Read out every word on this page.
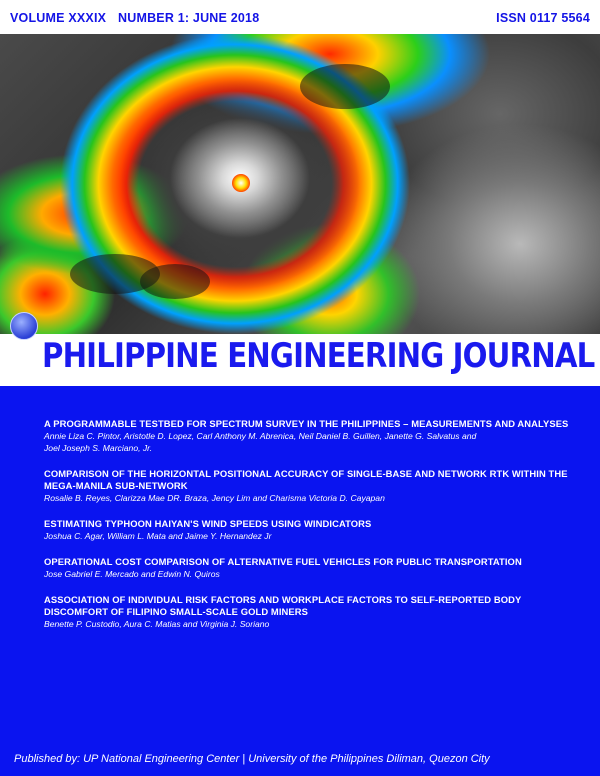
VOLUME XXXIX NUMBER 1: JUNE 2018	ISSN 0117 5564
PHILIPPINE ENGINEERING JOURNAL
A PROGRAMMABLE TESTBED FOR SPECTRUM SURVEY IN THE PHILIPPINES – MEASUREMENTS AND ANALYSES
Annie Liza C. Pintor, Aristotle D. Lopez, Carl Anthony M. Abrenica, Neil Daniel B. Guillen, Janette G. Salvatus and
Joel Joseph S. Marciano, Jr.
COMPARISON OF THE HORIZONTAL POSITIONAL ACCURACY OF SINGLE-BASE AND NETWORK RTK WITHIN THE MEGA-MANILA SUB-NETWORK
Rosalie B. Reyes, Clarizza Mae DR. Braza, Jency Lim and Charisma Victoria D. Cayapan
ESTIMATING TYPHOON HAIYAN'S WIND SPEEDS USING WINDICATORS
Joshua C. Agar, William L. Mata and Jaime Y. Hernandez Jr
OPERATIONAL COST COMPARISON OF ALTERNATIVE FUEL VEHICLES FOR PUBLIC TRANSPORTATION
Jose Gabriel E. Mercado and Edwin N. Quiros
ASSOCIATION OF INDIVIDUAL RISK FACTORS AND WORKPLACE FACTORS TO SELF-REPORTED BODY DISCOMFORT OF FILIPINO SMALL-SCALE GOLD MINERS
Benette P. Custodio, Aura C. Matias and Virginia J. Soriano
Published by: UP National Engineering Center | University of the Philippines Diliman, Quezon City
